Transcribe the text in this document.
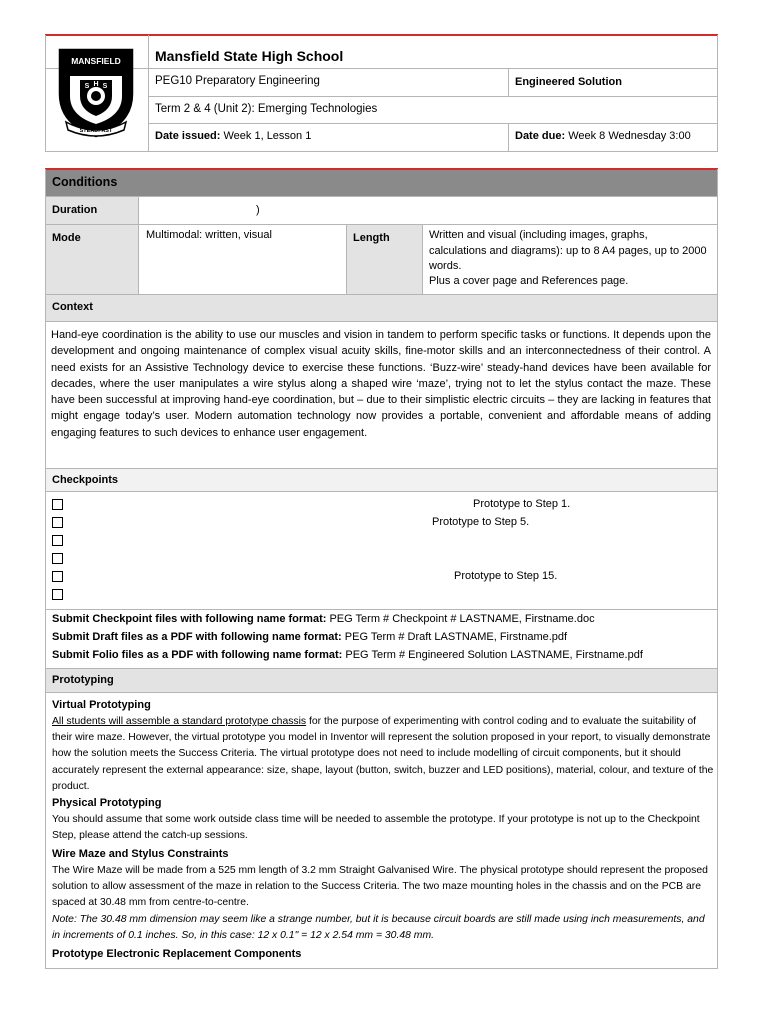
MANSFIELD
S H S
STEADFAST
Mansfield State High School
PEG10 Preparatory Engineering	Engineered Solution
Term 2 & 4 (Unit 2): Emerging Technologies
Date issued: Week 1, Lesson 1	Date due: Week 8 Wednesday 3:00
Conditions
Duration	)
Mode	Multimodal: written, visual	Length	Written and visual (including images, graphs,
calculations and diagrams): up to 8 A4 pages, up to 2000
words.
Plus a cover page and References page.
Context
Hand-eye coordination is the ability to use our muscles and vision in tandem to perform specific tasks or functions. It depends upon the development and ongoing maintenance of complex visual acuity skills, fine-motor skills and an interconnectedness of their control. A need exists for an Assistive Technology device to exercise these functions. ‘Buzz-wire’ steady-hand devices have been available for decades, where the user manipulates a wire stylus along a shaped wire ‘maze’, trying not to let the stylus contact the maze. These have been successful at improving hand-eye coordination, but – due to their simplistic electric circuits – they are lacking in features that might engage today’s user. Modern automation technology now provides a portable, convenient and affordable means of adding engaging features to such devices to enhance user engagement.
Checkpoints
Prototype to Step 1.
Prototype to Step 5.
Prototype to Step 15.
Submit Checkpoint files with following name format: PEG Term # Checkpoint # LASTNAME, Firstname.doc
Submit Draft files as a PDF with following name format: PEG Term # Draft LASTNAME, Firstname.pdf
Submit Folio files as a PDF with following name format: PEG Term # Engineered Solution LASTNAME, Firstname.pdf
Prototyping
Virtual Prototyping
All students will assemble a standard prototype chassis for the purpose of experimenting with control coding and to evaluate the suitability of their wire maze. However, the virtual prototype you model in Inventor will represent the solution proposed in your report, to visually demonstrate how the solution meets the Success Criteria. The virtual prototype does not need to include modelling of circuit components, but it should accurately represent the external appearance: size, shape, layout (button, switch, buzzer and LED positions), material, colour, and texture of the product.
Physical Prototyping
You should assume that some work outside class time will be needed to assemble the prototype. If your prototype is not up to the Checkpoint Step, please attend the catch-up sessions.
Wire Maze and Stylus Constraints
The Wire Maze will be made from a 525 mm length of 3.2 mm Straight Galvanised Wire. The physical prototype should represent the proposed solution to allow assessment of the maze in relation to the Success Criteria. The two maze mounting holes in the chassis and on the PCB are spaced at 30.48 mm from centre-to-centre.
Note: The 30.48 mm dimension may seem like a strange number, but it is because circuit boards are still made using inch measurements, and in increments of 0.1 inches. So, in this case: 12 x 0.1" = 12 x 2.54 mm = 30.48 mm.
Prototype Electronic Replacement Components
